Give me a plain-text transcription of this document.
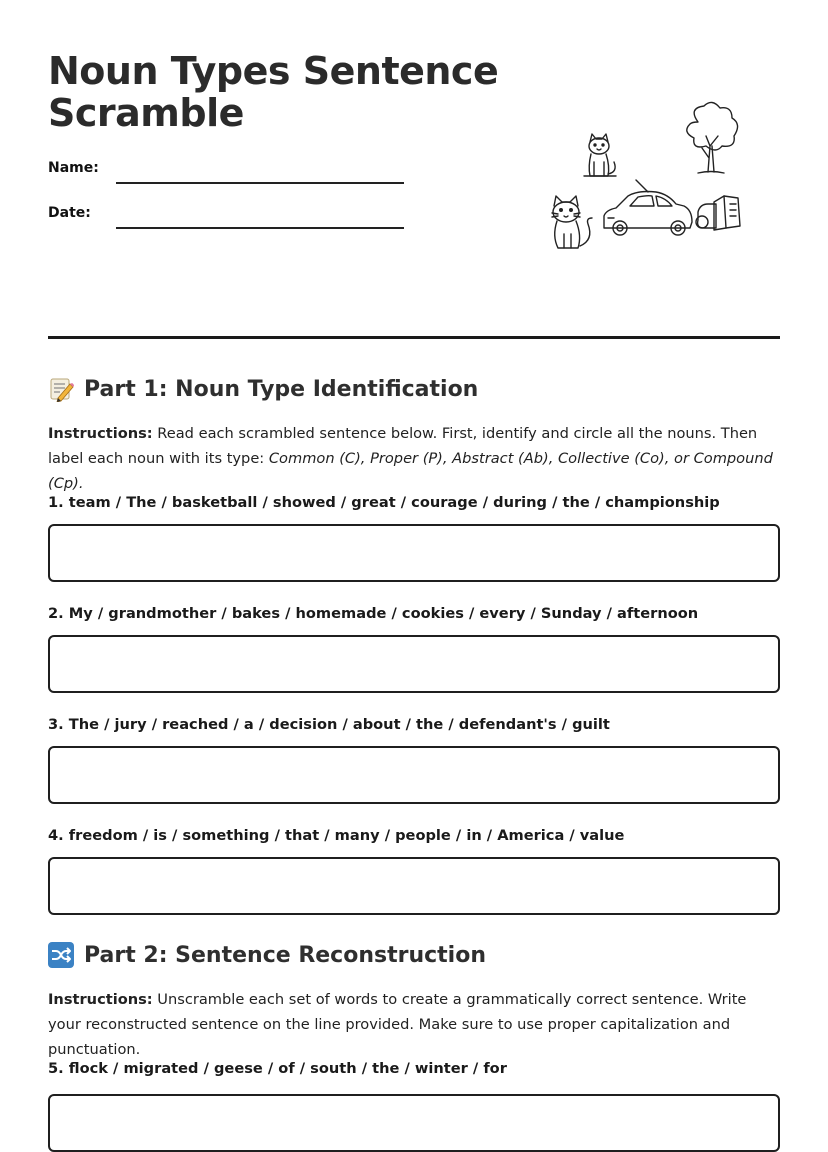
Noun Types Sentence Scramble
Name:
Date:
Part 1: Noun Type Identification

Instructions: Read each scrambled sentence below. First, identify and circle all the nouns. Then label each noun with its type: Common (C), Proper (P), Abstract (Ab), Collective (Co), or Compound (Cp).

1. team / The / basketball / showed / great / courage / during / the / championship

2. My / grandmother / bakes / homemade / cookies / every / Sunday / afternoon

3. The / jury / reached / a / decision / about / the / defendant's / guilt

4. freedom / is / something / that / many / people / in / America / value

Part 2: Sentence Reconstruction

Instructions: Unscramble each set of words to create a grammatically correct sentence. Write your reconstructed sentence on the line provided. Make sure to use proper capitalization and punctuation.

5. flock / migrated / geese / of / south / the / winter / for
